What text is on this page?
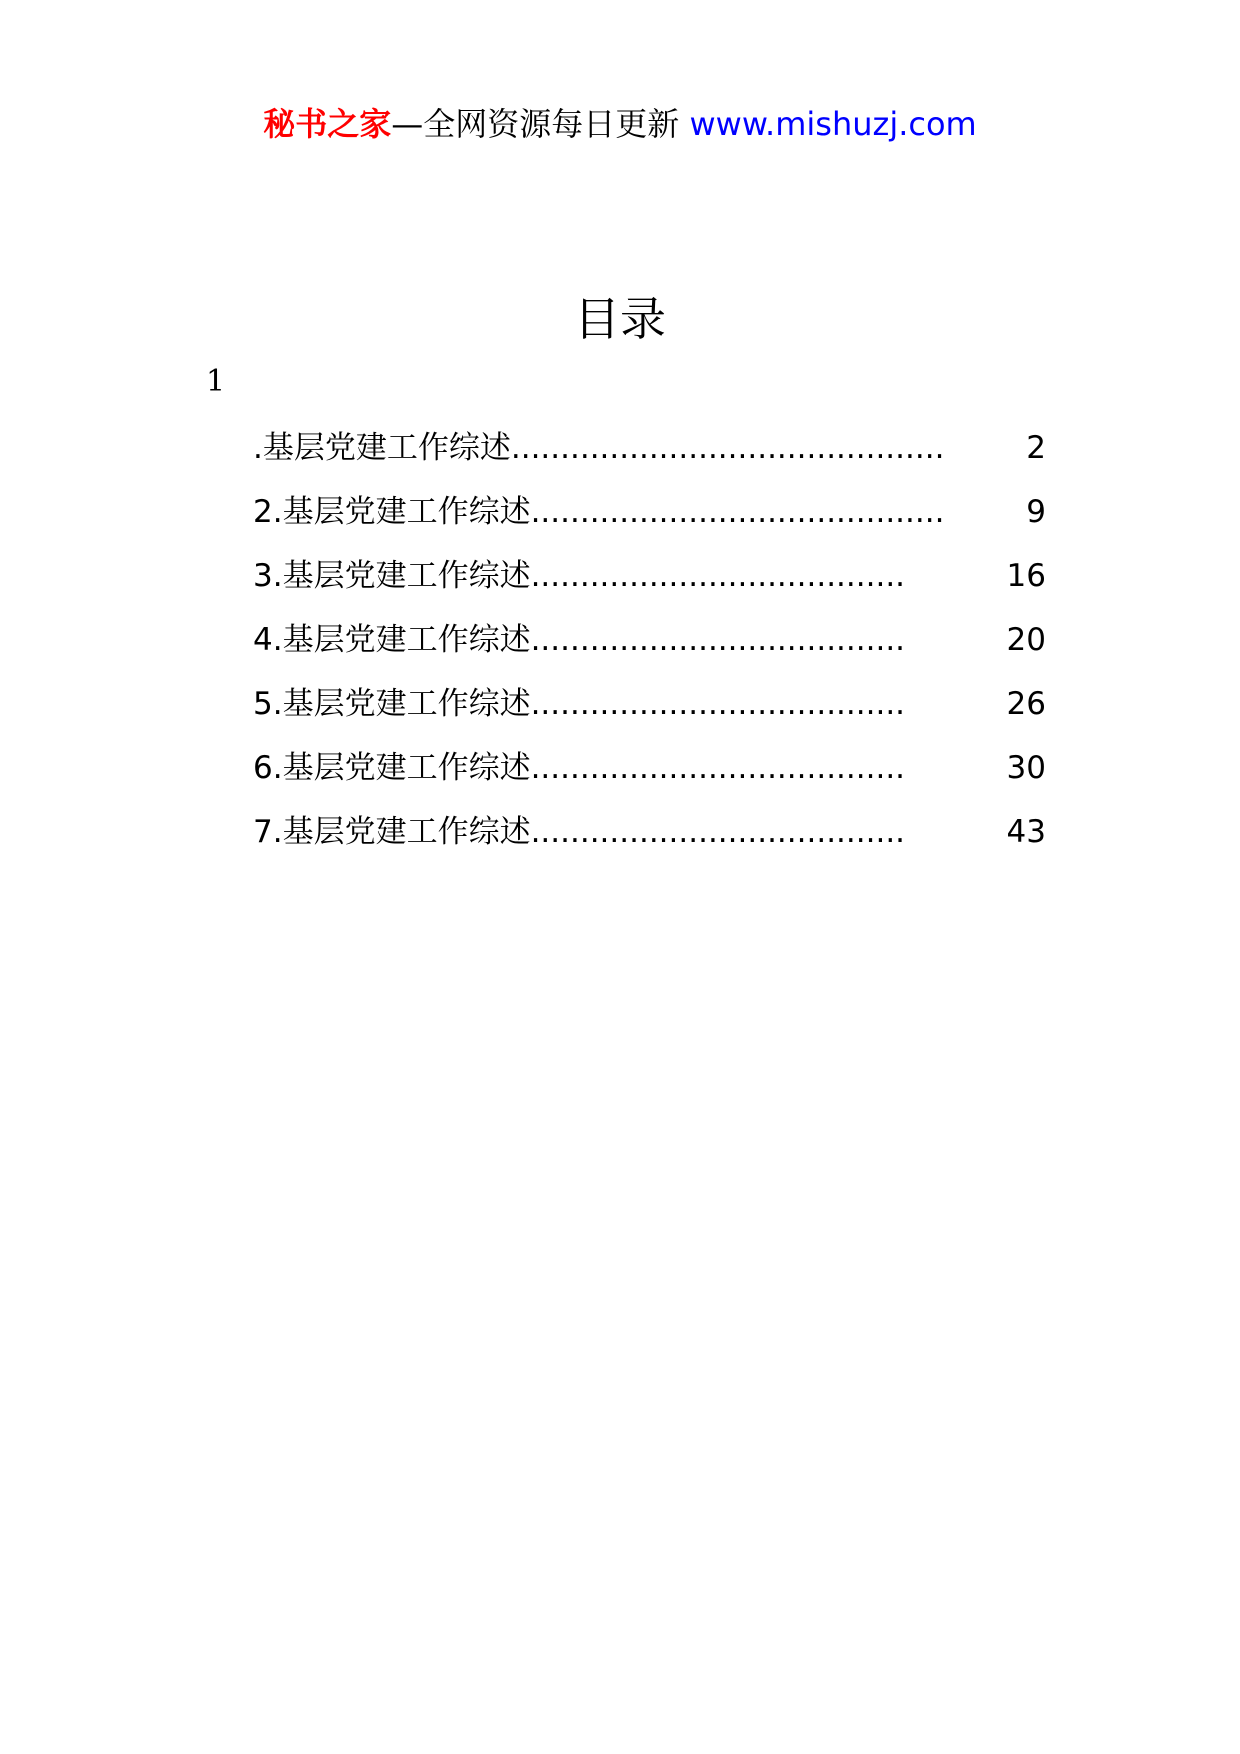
秘书之家—全网资源每日更新 www.mishuzj.com
目录
1
.基层党建工作综述 ............................................	2
2.基层党建工作综述 ..........................................	9
3.基层党建工作综述 ......................................	16
4.基层党建工作综述 ......................................	20
5.基层党建工作综述 ......................................	26
6.基层党建工作综述 ......................................	30
7.基层党建工作综述 ......................................	43
